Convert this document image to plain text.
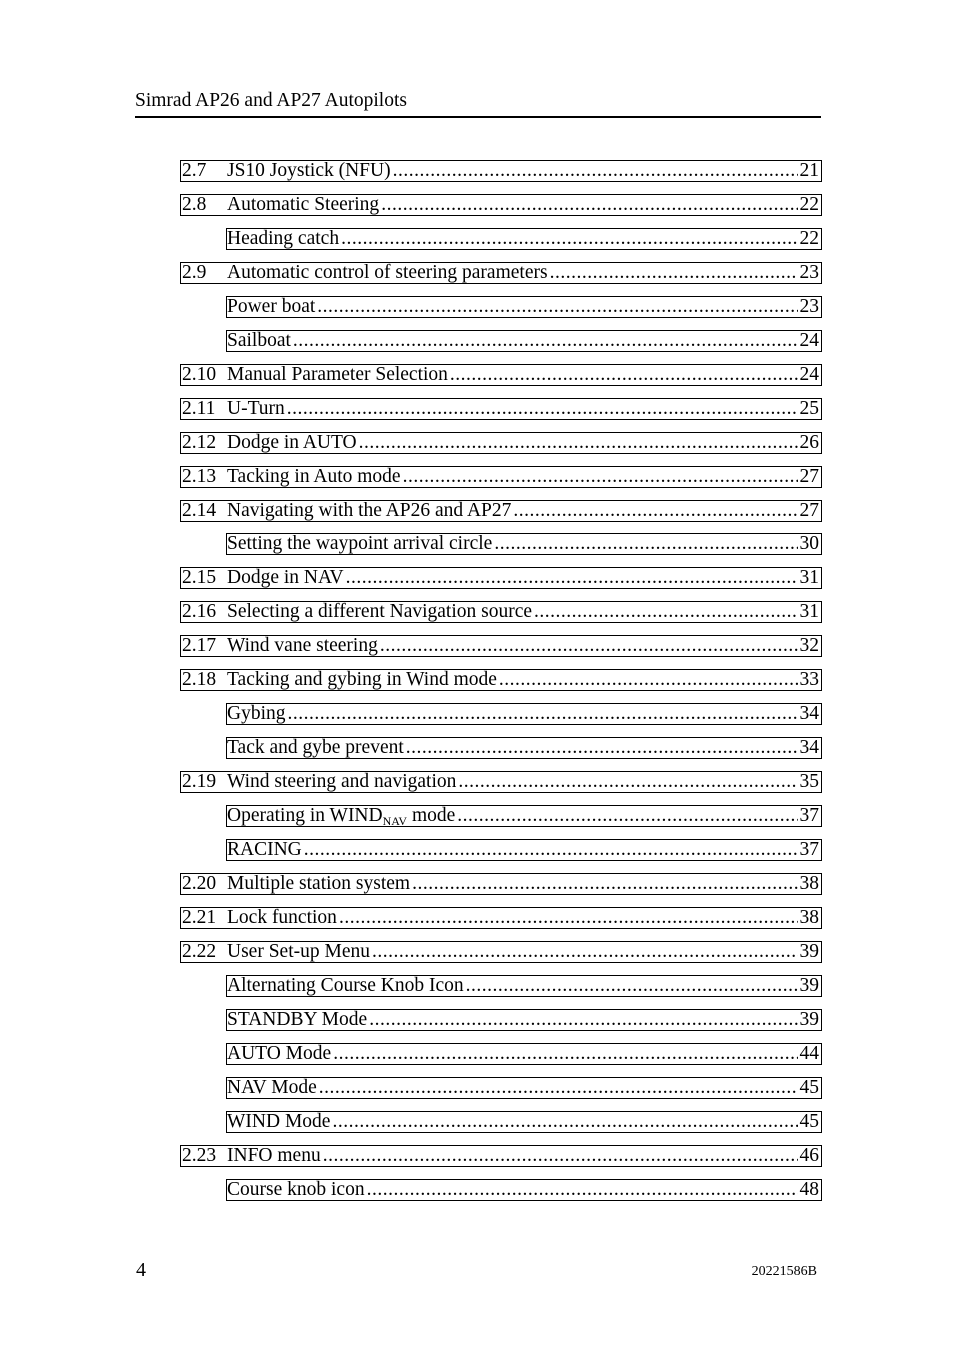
Simrad AP26 and AP27 Autopilots
2.7	JS10 Joystick (NFU) .....	21
2.8	Automatic Steering .....	22
Heading catch .....	22
2.9	Automatic control of steering parameters .....	23
Power boat .....	23
Sailboat .....	24
2.10 Manual Parameter Selection .....	24
2.11 U-Turn .....	25
2.12 Dodge in AUTO .....	26
2.13 Tacking in Auto mode .....	27
2.14 Navigating with the AP26 and AP27 .....	27
Setting the waypoint arrival circle .....	30
2.15 Dodge in NAV .....	31
2.16 Selecting a different Navigation source .....	31
2.17 Wind vane steering .....	32
2.18 Tacking and gybing in Wind mode .....	33
Gybing .....	34
Tack and gybe prevent .....	34
2.19 Wind steering and navigation .....	35
Operating in $WIND_{NAV}$ mode .....	37
RACING .....	37
2.20 Multiple station system .....	38
2.21 Lock function .....	38
2.22 User Set-up Menu .....	39
Alternating Course Knob Icon .....	39
STANDBY Mode .....	39
AUTO Mode .....	44
NAV Mode .....	45
WIND Mode .....	45
2.23 INFO menu .....	46
Course knob icon .....	48
4	20221586B
